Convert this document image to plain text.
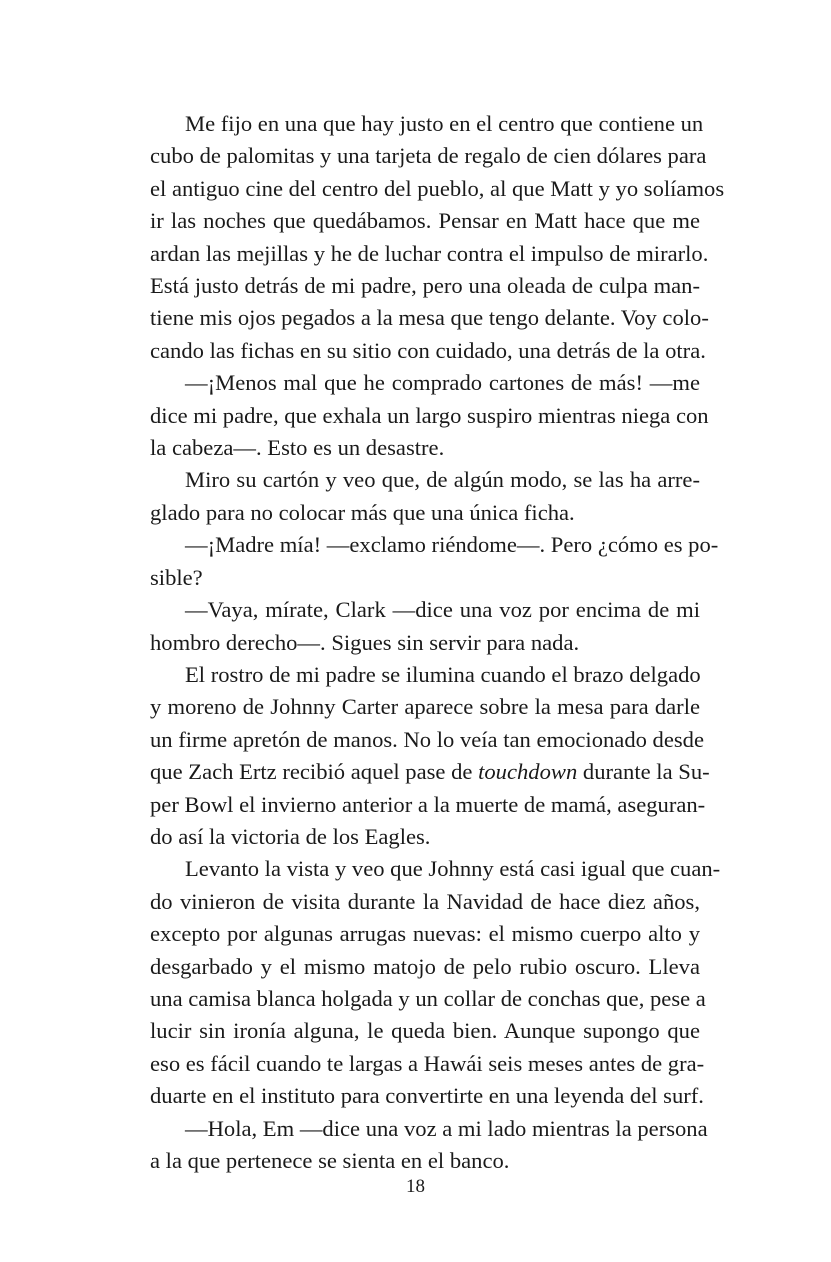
Me fijo en una que hay justo en el centro que contiene un
cubo de palomitas y una tarjeta de regalo de cien dólares para
el antiguo cine del centro del pueblo, al que Matt y yo solíamos
ir las noches que quedábamos. Pensar en Matt hace que me
ardan las mejillas y he de luchar contra el impulso de mirarlo.
Está justo detrás de mi padre, pero una oleada de culpa man-
tiene mis ojos pegados a la mesa que tengo delante. Voy colo-
cando las fichas en su sitio con cuidado, una detrás de la otra.

—¡Menos mal que he comprado cartones de más! —me
dice mi padre, que exhala un largo suspiro mientras niega con
la cabeza—. Esto es un desastre.

Miro su cartón y veo que, de algún modo, se las ha arre-
glado para no colocar más que una única ficha.

—¡Madre mía! —exclamo riéndome—. Pero ¿cómo es po-
sible?

—Vaya, mírate, Clark —dice una voz por encima de mi
hombro derecho—. Sigues sin servir para nada.

El rostro de mi padre se ilumina cuando el brazo delgado
y moreno de Johnny Carter aparece sobre la mesa para darle
un firme apretón de manos. No lo veía tan emocionado desde
que Zach Ertz recibió aquel pase de touchdown durante la Su-
per Bowl el invierno anterior a la muerte de mamá, aseguran-
do así la victoria de los Eagles.

Levanto la vista y veo que Johnny está casi igual que cuan-
do vinieron de visita durante la Navidad de hace diez años,
excepto por algunas arrugas nuevas: el mismo cuerpo alto y
desgarbado y el mismo matojo de pelo rubio oscuro. Lleva
una camisa blanca holgada y un collar de conchas que, pese a
lucir sin ironía alguna, le queda bien. Aunque supongo que
eso es fácil cuando te largas a Hawái seis meses antes de gra-
duarte en el instituto para convertirte en una leyenda del surf.

—Hola, Em —dice una voz a mi lado mientras la persona
a la que pertenece se sienta en el banco.

18
